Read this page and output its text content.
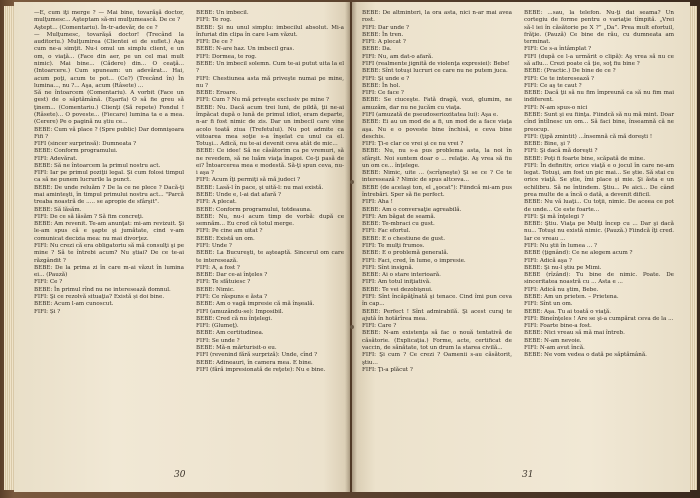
—E, cum iţi merge ? — Mai bine, tovarăşă doctor, mulţumesc... Aşteptam să-mi mulţumească. De ce ?

Aştept... (Comentariu). În-tr-adevăr, de ce ?

— Mulţumesc, tovarăşă doctor! (Trecând la auditoriu.) Mulţumirea (Clientei ei de suflet.) Aşa cum ne-a simţit. Nu-i omul un simplu client, e un om, o viaţă... (Face din aer, pe un cel mai mult nimic). Mai bine... (Cădere) din... O ceaţă... (Intoarcere.) Cum spuneam: un adevărat... Hai, acum poţi, acum te pot... (Ce?) (Trecând în) În lumina..., nu ?... Aşa, acum (Râsete) ...

Să ne întoarcem (Comentariu). A vorbit (Face un gest) de o săptămână. (Eşarfa) O să fie greu să ţinem... (Comentariu.) Clienţi (Să repete) Fondul ! (Râsete)... O poveste... (Fiecare) lumina ta e a mea. (Cerere) Pe o pagină nu ştiu ce...

BEBE: Cum vă place ? (Spre public) Dar domnişoara Fifi ?

FIFI (sincer surprinsă): Dumneata ?

BEBE: Conform programului.

FIFI: Adevărat.

BEBE: Să ne întoarcem la primul nostru act.

FIFI: Iar pe primul poziţii legal. Și cum folosi timpul ca să ne punem lucrurile la punct.

BEBE: De unde reluăm ? De la ce ne plece ? Dacă-ţi mai aminteşti, în timpul primului nostru act... "Parcă treaba noastră de ..... se apropie de sfârşit".

BEBE: Să lăsăm.

FIFI: De ce să lăsăm ? Să fim concreţi.

BEBE: Am revenit. Te-am anunţat: mi-am revizuit. Şi le-am spus că e şapte şi jumătate, cind v-am comunicat decizia mea: nu mai divorţez.

FIFI: Nu crezi că era obligatoriu să mă consulţi şi pe mine ? Să te întrebi acum? Nu ştiai? De ce te-ai răzgândit ?

BEBE: De la prima zi în care m-ai văzut în lumina ei... (Pauză)

FIFI: Ce ?

BEBE: În primul rînd nu ne interesează domnul.

FIFI: Şi ce rezolvă situaţia? Există și doi bine.

BEBE: Acum l-am cunoscut.

FIFI: Și ?

BEBE: Un imbecil.

FIFI: Te rog.

BEBE: Și nu unul simplu: imbecilul absolut. Mi-a înfuriat din clipa în care l-am văzut.

FIFI: De ce ?

BEBE: N-are haz. Un imbecil gras.

FIFI: Dormea, te rog.

BEBE: Un imbecil solemn. Cum te-ai putut uita la el ?

FIFI: Chestiunea asta mă priveşte numai pe mine, nu ?

BEBE: Eroare.

FIFI: Cum ? Nu mă priveşte exclusiv pe mine ?

BEBE: Nu. Dacă acum trei luni, de pildă, ţii ne-ai împăcat după o lună de primul idiot, eram departe, n-ar fi fost nimic de zis. Dar un imbecil care vine acolo toată ziua (Trefetului). Nu pot admite ca viitoarea mea soţie s-a înşelat cu unul ca el. Totuşi... Adică, nu te-ai devenit ceva atât de mic...

BEBE: Ce idee! Să ne căsătorim ca pe vremuri, să ne revedem, să ne luăm viaţa înapoi. Ce-ţi pasă de ei? Întoarcerea mea e modestă. Să-ţi spun ceva, nu-i aşa ?

FIFI: Acum îţi permiţi să mă judeci ?

BEBE: Lasă-l în pace, şi uită-l: nu mai există.

BEBE: Unde e, l-ai dat afară ?

FIFI: A plecat.

BEBE: Conform programului, totdeauna.

BEBE: Nu, nu-i acum timp de vorbă: după ce semnăm... Eu cred că totul merge.

FIFI: Pe cine am uitat ?

BEBE: Există un om.

FIFI: Unde ?

BEBE: La Bucureşti, te aşteaptă. Sincerul om care te interesează.

FIFI: A, a fost ?

BEBE: Dar ce-ai înţeles ?

FIFI: Te sfătuiesc ?

BEBE: Nimic.

FIFI: Ce răspuns e ăsta ?

BEBE: Am o vagă impresie că mă înşeală.

FIFI (amuzându-se): Imposibil.

BEBE: Cred că nu înţelegi.

FIFI: (Glumeţ).

BEBE: Am certitudinea.

FIFI: Se unde ?

BEBE: Mă-n mărturisit-o eu.

FIFI (revenind fără surpriză): Unde, cînd ?

BEBE: Adineauri, în camera mea. E bine.

FIFI (fără impresionată de reţete): Nu e bine.

30

BEBE: De altminteri, la ora asta, nici n-ar mai avea rost.

FIFI: Dar unde ?

BEBE: În tren.

FIFI: A plecat ?

BEBE: Da.

FIFI: Nu, am dat-o afară.

FIFI (realmente jignită de violenţa expresiei): Bebe!

BEBE: Sînt totuşi lucruri ce care nu ne putem juca.

FIFI: Şi unde e ?

BEBE: În hol.

FIFI: Ce face ?

BEBE: Se ciuceşte. Fată dragă, vezi, glumim, ne amuzăm, dar nu ne jucăm cu viaţa.

FIFI (amuzată de pseudoseriozitatea lui): Aşa e.

BEBE: Ei au un mod de a fi, un mod de a face viaţa aşa. Nu e o poveste bine închisă, e ceva bine deschis.

FIFI: Ţi-e clar ce vrei şi ce nu vrei ?

BEBE: Nu, nu s-a pus problema asta, la noi în sfârşit. Noi suntem doar o ... relaţie. Aş vrea să fiu un om ce... înţelege.

BEBE: Nimic, uite ... (scrîşneşte) Şi se ce ? Ce te interesează ? Nimic de spus altceva...

BEBE (de acelaşi ton, el „şocat”): Fiindcă mi-am pus întrebări. Sper să fie perfect.

FIFI: Aha !

BEBE: Am o conversaţie agreabilă.

FIFI: Am băgat de seamă.

BEBE: Te-mbraci cu gust.

FIFI: Fac efortul.

BEBE: E o chestiune de gust.

FIFI: Te mulţi frumos.

BEBE: E o problemă generală.

FIFI: Faci, cred, în lume, o impresie.

FIFI: Sînt insignă.

BEBE: Ai o stare interioară.

FIFI: Am totul iniţiativă.

BEBE: Te vei dezobişnui.

FIFI: Sînt încăpăţînată şi tenace. Cind îmi pun ceva în cap...

BEBE: Perfect ! Sînt admirabilă. Şi acest curaj te ajută în hotărîrea mea.

FIFI: Care ?

BEBE: N-am existenţa să fac o nouă tentativă de căsătorie. (Explicaţia.) Forme, acte, certificat de vaccin, de sănătate, tot un drum la starea civilă...

FIFI: Şi cum ? Ce crezi ? Oamenii s-au căsătorit, ştiu...

FIFI: Ţi-a plăcut ?

BEBE: ...sau, la telefon. Nu-ţi dai seama? Un cortegiu de forme pentru o variaţie tîmpită. „Vrei să-l iei în căsătorie pe X ?” „Da”. Prea mult efortuil, frăţie. (Pauză) Ce bine de rău, cu dumneata am terminat.

FIFI: Ce s-a întâmplat ?

FIFI (după ce l-a urmărit o clipă): Aş vrea să nu ce să aflu... Crezi poate că ţie, soţ fiu bine ?

BEBE: (Practic.) De bine de ce ?

FIFI: Ce te interesează ?

FIFI: Ce aş te caut ?

BEBE: Dacă ţii să nu fim împreună ca să nu fim mai indiferent.

FIFI: N-am spus-o nici

BEBE: Sunt şi eu fiinţa. Fiindcă să nu mă mint. Doar cînd întîlnesc un om... Să faci bine, înseamnă că ne preocup.

FIFI: (ţipă zmintit) ...însemnă că mă doreşti !

BEBE: Bine, şi ?

FIFI: Şi dacă mă doreşti ?

BEBE: Poţi fi foarte bine, scăpată de mine.

FIFI: În definitiv, orice viaţă e o jocul în care ne-am legat. Totuşi, am fost un pic mai... Se ştie. Să stai cu orice viaţă. Se ştie, îmi place şi mie. Şi ăsta e un echilibru. Să ne întindem. Ştiu... Pe aici... De când prea multe de a încă o dată, a devenit dificil.

BEBE: Nu vă luaţi... Cu toţii, nimic. De aceea ce pot de unde... Ce este foarte...

FIFI: Şi mă înţelegi ?

BEBE: Ştiu. Viaţa pe Mulţi încep cu ... Dar şi dacă nu... Totuşi nu există nimic. (Pauză.) Fiindcă îţi cred. Iar ce vreau ...

FIFI: Nu ştii în lumea ... ?

BEBE (ţignând): Ce ne alegem acum ?

FIFI: Adică aşa ?

BEBE: Şi nu-l ştiu pe Mimi.

BEBE (rîzând): Tu bine de nimic. Poate. De sinceritatea noastră cu ... Asta e ...

FIFI: Adică nu ştim, Bebe.

BEBE: Am un prieten. – Prietena.

FIFI: Sînt un om.

BEBE: Aşa. Tu ai toată o viaţă.

FIFI: Bineînţeles ! Are se şi-a cumpărat ceva de la ...

FIFI: Foarte bine-a fost.

BEBE: Nici vreau să mă mai întreb.

BEBE: N-am nevoie.

FIFI: N-am avut încă.

BEBE: Ne vom vedea o dată pe săptămână.

31
